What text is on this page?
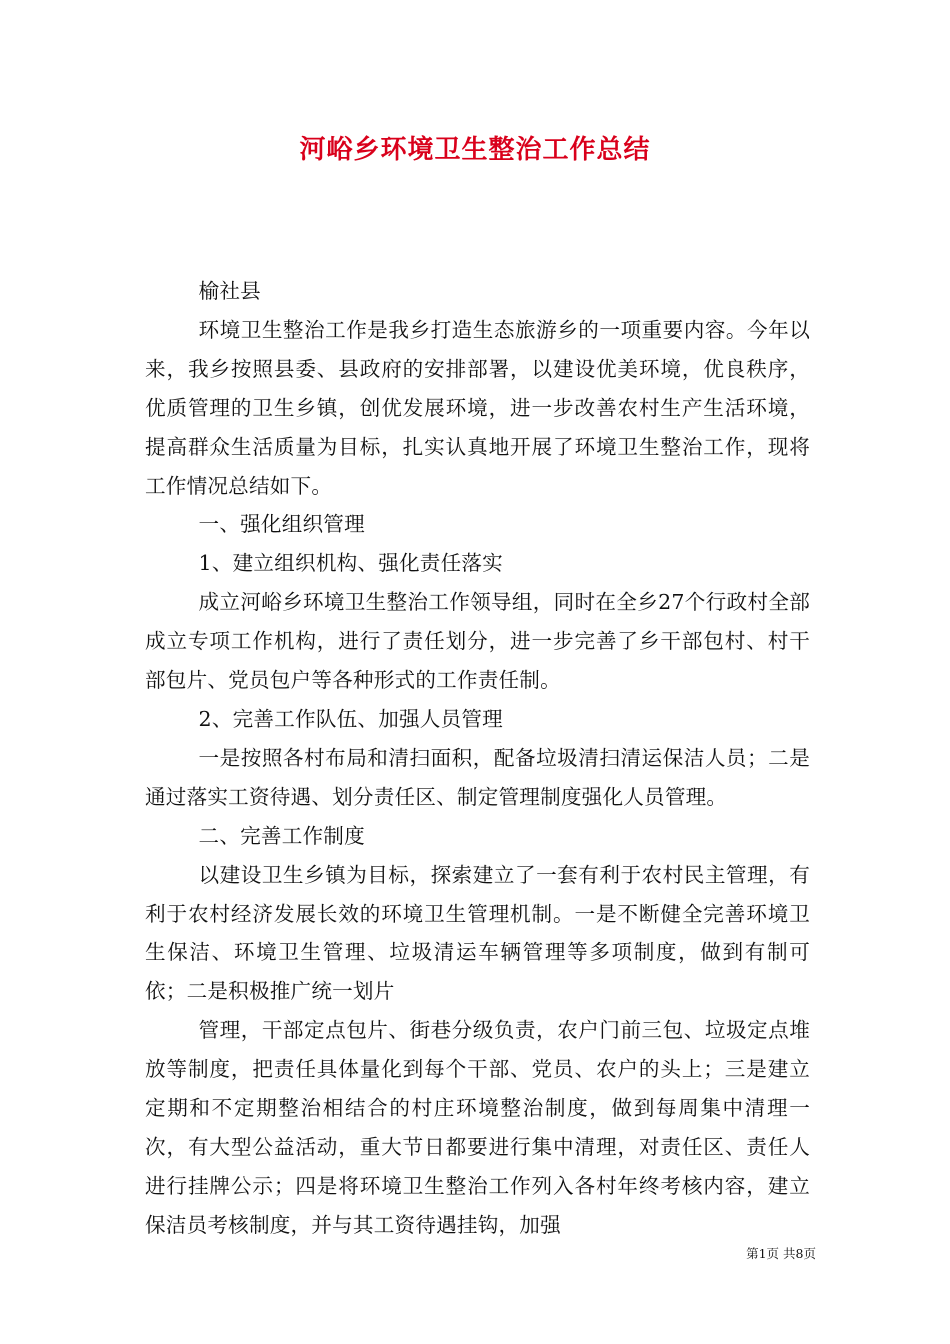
河峪乡环境卫生整治工作总结

榆社县

环境卫生整治工作是我乡打造生态旅游乡的一项重要内容。今年以来，我乡按照县委、县政府的安排部署，以建设优美环境，优良秩序，优质管理的卫生乡镇，创优发展环境，进一步改善农村生产生活环境，提高群众生活质量为目标，扎实认真地开展了环境卫生整治工作，现将工作情况总结如下。

一、强化组织管理

1、建立组织机构、强化责任落实

成立河峪乡环境卫生整治工作领导组，同时在全乡27个行政村全部成立专项工作机构，进行了责任划分，进一步完善了乡干部包村、村干部包片、党员包户等各种形式的工作责任制。

2、完善工作队伍、加强人员管理

一是按照各村布局和清扫面积，配备垃圾清扫清运保洁人员；二是通过落实工资待遇、划分责任区、制定管理制度强化人员管理。

二、完善工作制度

以建设卫生乡镇为目标，探索建立了一套有利于农村民主管理，有利于农村经济发展长效的环境卫生管理机制。一是不断健全完善环境卫生保洁、环境卫生管理、垃圾清运车辆管理等多项制度，做到有制可依；二是积极推广统一划片

管理，干部定点包片、街巷分级负责，农户门前三包、垃圾定点堆放等制度，把责任具体量化到每个干部、党员、农户的头上；三是建立定期和不定期整治相结合的村庄环境整治制度，做到每周集中清理一次，有大型公益活动，重大节日都要进行集中清理，对责任区、责任人进行挂牌公示；四是将环境卫生整治工作列入各村年终考核内容，建立保洁员考核制度，并与其工资待遇挂钩，加强

第1页 共8页
